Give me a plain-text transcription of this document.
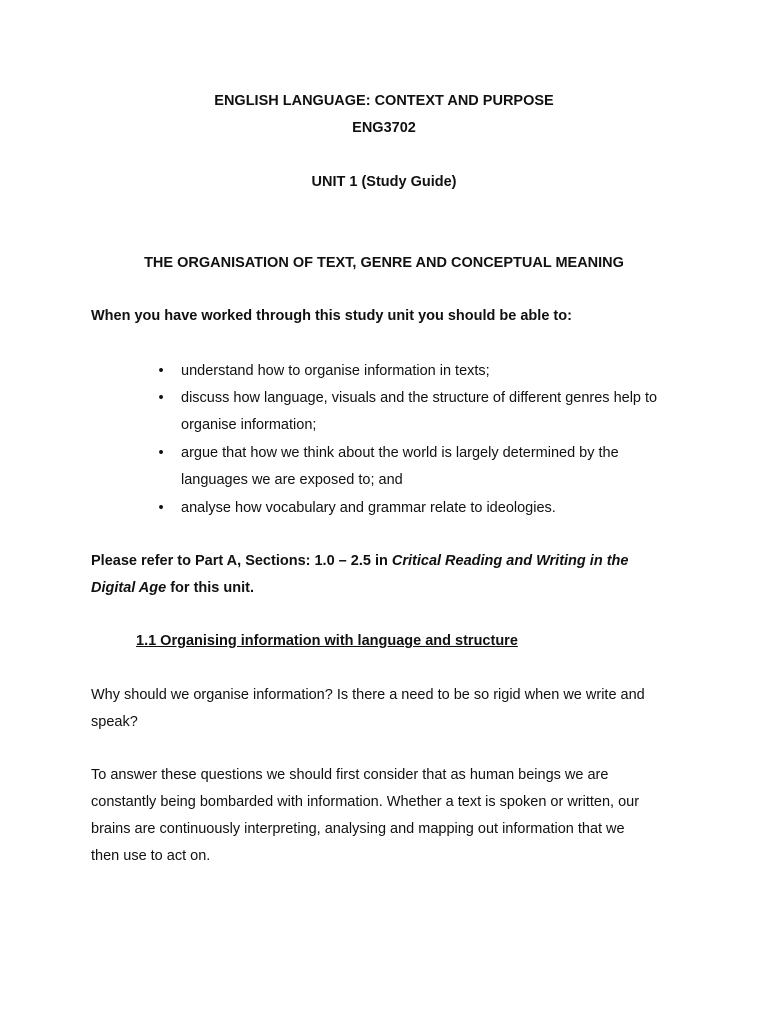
ENGLISH LANGUAGE: CONTEXT AND PURPOSE
ENG3702
UNIT 1 (Study Guide)
THE ORGANISATION OF TEXT, GENRE AND CONCEPTUAL MEANING
When you have worked through this study unit you should be able to:
• understand how to organise information in texts;
• discuss how language, visuals and the structure of different genres help to
organise information;
• argue that how we think about the world is largely determined by the
languages we are exposed to; and
• analyse how vocabulary and grammar relate to ideologies.
Please refer to Part A, Sections: 1.0 – 2.5 in Critical Reading and Writing in the
Digital Age for this unit.
1.1 Organising information with language and structure
Why should we organise information? Is there a need to be so rigid when we write and
speak?
To answer these questions we should first consider that as human beings we are
constantly being bombarded with information. Whether a text is spoken or written, our
brains are continuously interpreting, analysing and mapping out information that we
then use to act on.
